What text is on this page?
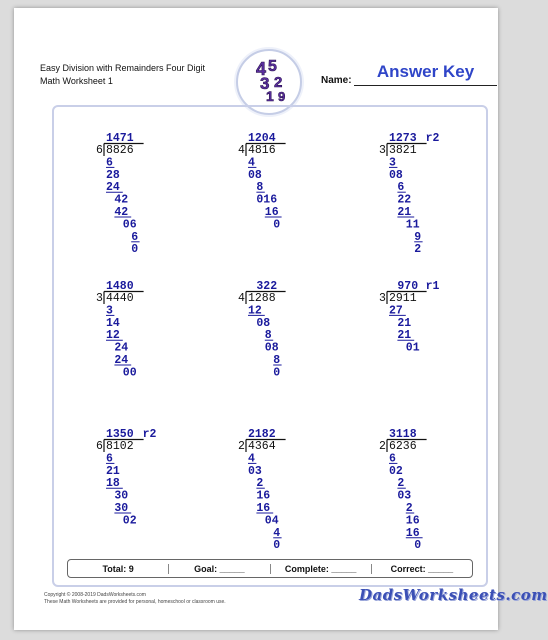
Easy Division with Remainders Four Digit
Math Worksheet 1
4 5
3 2
1 9
Answer Key
Name:
1471
6 8826
6
28
24
42
42
06
6
0
1204
4 4816
4
08
8
016
16
0
1273 r2
3 3821
3
08
6
22
21
11
9
2
1480
3 4440
3
14
12
24
24
00
322
4 1288
12
08
8
08
8
0
970 r1
3 2911
27
21
21
01
1350 r2
6 8102
6
21
18
30
30
02
2182
2 4364
4
03
2
16
16
04
4
0
3118
2 6236
6
02
2
03
2
16
16
0
Total: 9	Goal: _____	Complete: _____	Correct: _____
Copyright © 2008-2019 DadsWorksheets.com
These Math Worksheets are provided for personal, homeschool or classroom use.	DadsWorksheets.com
